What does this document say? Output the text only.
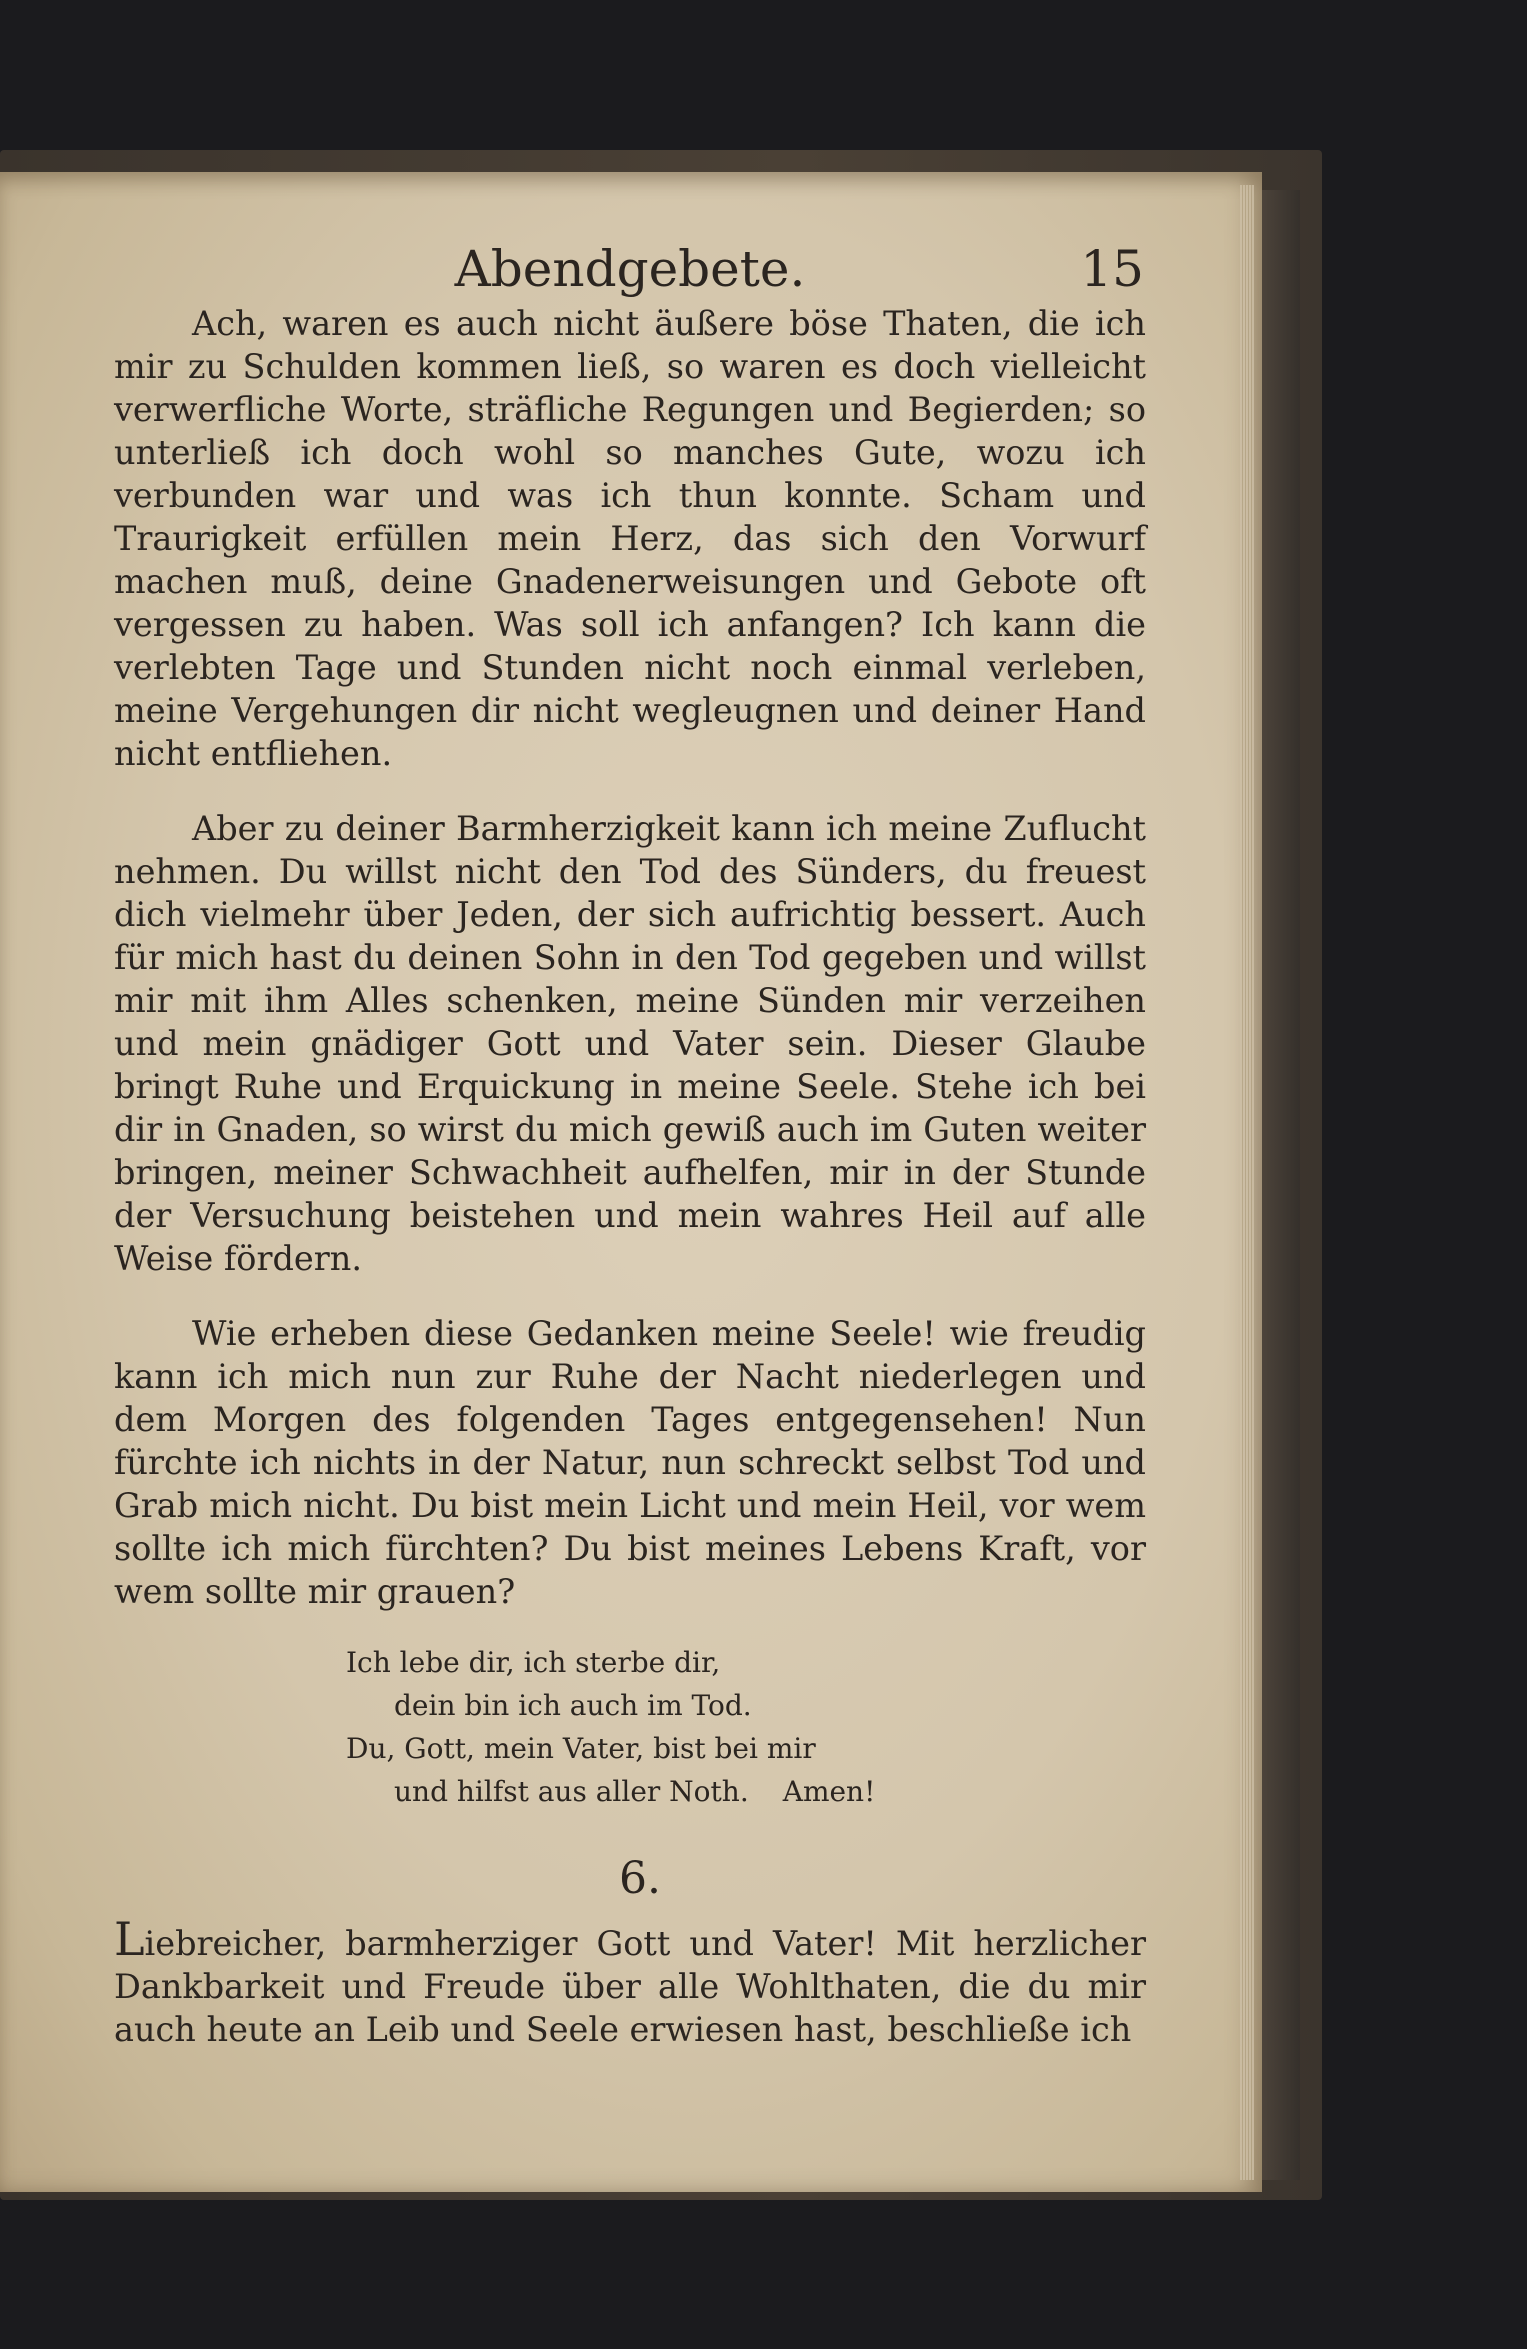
Abendgebete.	15

Ach, waren es auch nicht äußere böse Thaten, die ich mir zu Schulden kommen ließ, so waren es doch vielleicht verwerfliche Worte, sträfliche Regungen und Begierden; so unterließ ich doch wohl so manches Gute, wozu ich verbunden war und was ich thun konnte. Scham und Traurigkeit erfüllen mein Herz, das sich den Vorwurf machen muß, deine Gnadenerweisungen und Gebote oft vergessen zu haben. Was soll ich anfangen? Ich kann die verlebten Tage und Stunden nicht noch einmal verleben, meine Vergehungen dir nicht wegleugnen und deiner Hand nicht entfliehen.

Aber zu deiner Barmherzigkeit kann ich meine Zuflucht nehmen. Du willst nicht den Tod des Sünders, du freuest dich vielmehr über Jeden, der sich aufrichtig bessert. Auch für mich hast du deinen Sohn in den Tod gegeben und willst mir mit ihm Alles schenken, meine Sünden mir verzeihen und mein gnädiger Gott und Vater sein. Dieser Glaube bringt Ruhe und Erquickung in meine Seele. Stehe ich bei dir in Gnaden, so wirst du mich gewiß auch im Guten weiter bringen, meiner Schwachheit aufhelfen, mir in der Stunde der Versuchung beistehen und mein wahres Heil auf alle Weise fördern.

Wie erheben diese Gedanken meine Seele! wie freudig kann ich mich nun zur Ruhe der Nacht niederlegen und dem Morgen des folgenden Tages entgegensehen! Nun fürchte ich nichts in der Natur, nun schreckt selbst Tod und Grab mich nicht. Du bist mein Licht und mein Heil, vor wem sollte ich mich fürchten? Du bist meines Lebens Kraft, vor wem sollte mir grauen?

Ich lebe dir, ich sterbe dir,
dein bin ich auch im Tod.
Du, Gott, mein Vater, bist bei mir
und hilfst aus aller Noth. Amen!
6.

Liebreicher, barmherziger Gott und Vater! Mit herzlicher Dankbarkeit und Freude über alle Wohlthaten, die du mir auch heute an Leib und Seele erwiesen hast, beschließe ich
